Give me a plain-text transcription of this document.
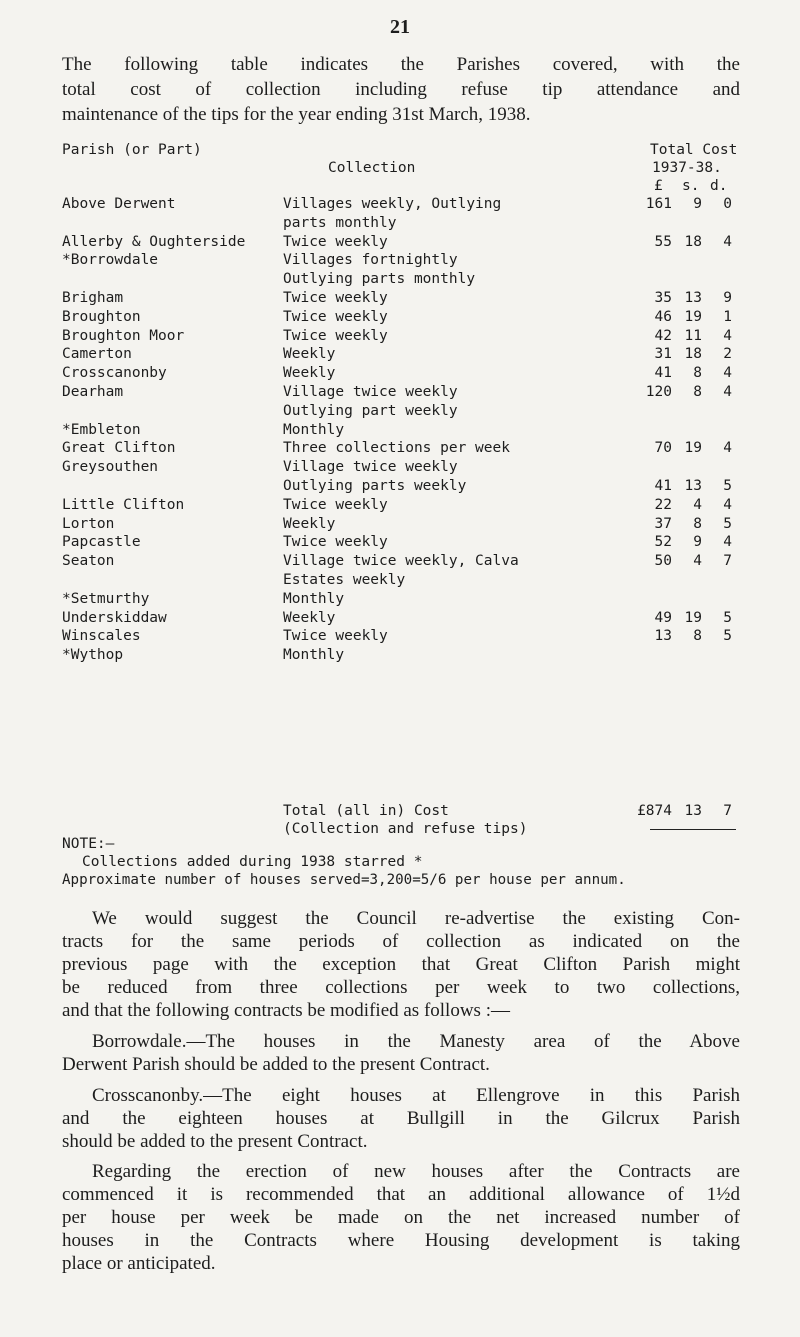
21
The following table indicates the Parishes covered, with the
total cost of collection including refuse tip attendance and
maintenance of the tips for the year ending 31st March, 1938.
Parish (or Part)
Collection
Total Cost
1937-38.
£ s. d.
Above Derwent	Villages weekly, Outlying	161	9	0
parts monthly
Allerby & Oughterside	Twice weekly	55 18	4
*Borrowdale	Villages fortnightly
Outlying parts monthly
Brigham	Twice weekly	35 13	9
Broughton	Twice weekly	46 19	1
Broughton Moor	Twice weekly	42 11	4
Camerton	Weekly	31 18	2
Crosscanonby	Weekly	41	8	4
Dearham	Village twice weekly	120	8	4
Outlying part weekly
*Embleton	Monthly
Great Clifton	Three collections per week	70 19	4
Greysouthen	Village twice weekly
Outlying parts weekly	41 13	5
Little Clifton	Twice weekly	22	4	4
Lorton	Weekly	37	8	5
Papcastle	Twice weekly	52	9	4
Seaton	Village twice weekly, Calva	50	4	7
Estates weekly
*Setmurthy	Monthly
Underskiddaw	Weekly	49 19	5
Winscales	Twice weekly	13	8	5
*Wythop	Monthly
Total (all in) Cost
(Collection and refuse tips)
£874 13	7
NOTE:—
Collections added during 1938 starred *
Approximate number of houses served=3,200=5/6 per house per annum.
We would suggest the Council re-advertise the existing Con-
tracts for the same periods of collection as indicated on the
previous page with the exception that Great Clifton Parish might
be reduced from three collections per week to two collections,
and that the following contracts be modified as follows :—
Borrowdale.—The houses in the Manesty area of the Above
Derwent Parish should be added to the present Contract.
Crosscanonby.—The eight houses at Ellengrove in this Parish
and the eighteen houses at Bullgill in the Gilcrux Parish
should be added to the present Contract.
Regarding the erection of new houses after the Contracts are
commenced it is recommended that an additional allowance of 1½d
per house per week be made on the net increased number of
houses in the Contracts where Housing development is taking
place or anticipated.
